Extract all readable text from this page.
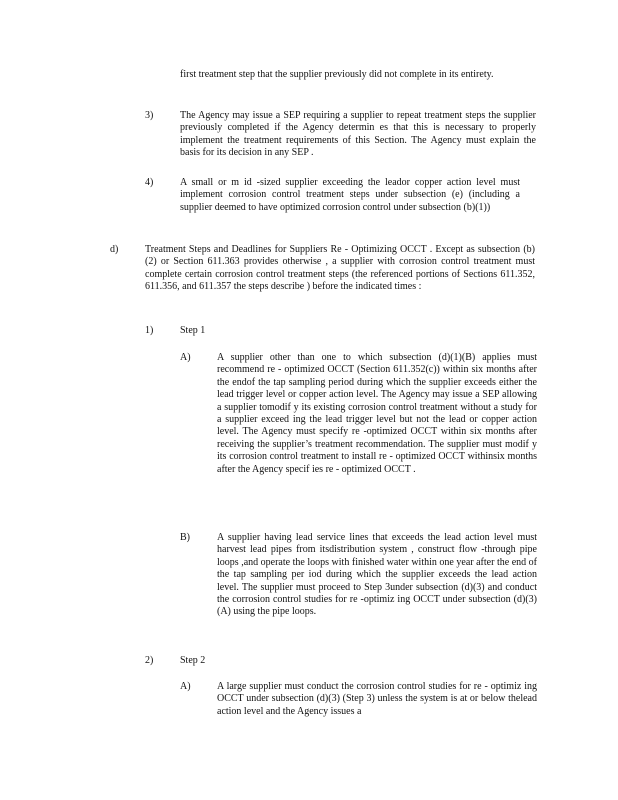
first treatment step that the supplier previously did not complete in its entirety.
3)	The Agency may issue a SEP requiring a supplier to repeat treatment steps the supplier previously completed if the Agency determin es that this is necessary to properly implement the treatment requirements of this Section. The Agency must explain the basis for its decision in any SEP .
4)	A small or m id -sized supplier exceeding the leador copper action level must implement corrosion control treatment steps under subsection (e) (including a supplier deemed to have optimized corrosion control under subsection (b)(1))
d)	Treatment Steps and Deadlines for Suppliers Re - Optimizing OCCT . Except as subsection (b)(2) or Section 611.363 provides otherwise , a supplier with corrosion control treatment must complete certain corrosion control treatment steps (the referenced portions of Sections 611.352, 611.356, and 611.357 the steps describe ) before the indicated times :
1)	Step 1
A)	A supplier other than one to which subsection (d)(1)(B) applies must recommend re - optimized OCCT (Section 611.352(c)) within six months after the endof the tap sampling period during which the supplier exceeds either the lead trigger level or copper action level. The Agency may issue a SEP allowing a supplier tomodif y its existing corrosion control treatment without a study for a supplier exceed ing the lead trigger level but not the lead or copper action level. The Agency must specify re -optimized OCCT within six months after receiving the supplier’s treatment recommendation. The supplier must modif y its corrosion control treatment to install re - optimized OCCT withinsix months after the Agency specif ies re - optimized OCCT .
B)	A supplier having lead service lines that exceeds the lead action level must harvest lead pipes from itsdistribution system , construct flow -through pipe loops ,and operate the loops with finished water within one year after the end of the tap sampling per iod during which the supplier exceeds the lead action level. The supplier must proceed to Step 3under subsection (d)(3) and conduct the corrosion control studies for re -optimiz ing OCCT under subsection (d)(3)(A) using the pipe loops.
2)	Step 2
A)	A large supplier must conduct the corrosion control studies for re - optimiz ing OCCT under subsection (d)(3) (Step 3) unless the system is at or below thelead action level and the Agency issues a
